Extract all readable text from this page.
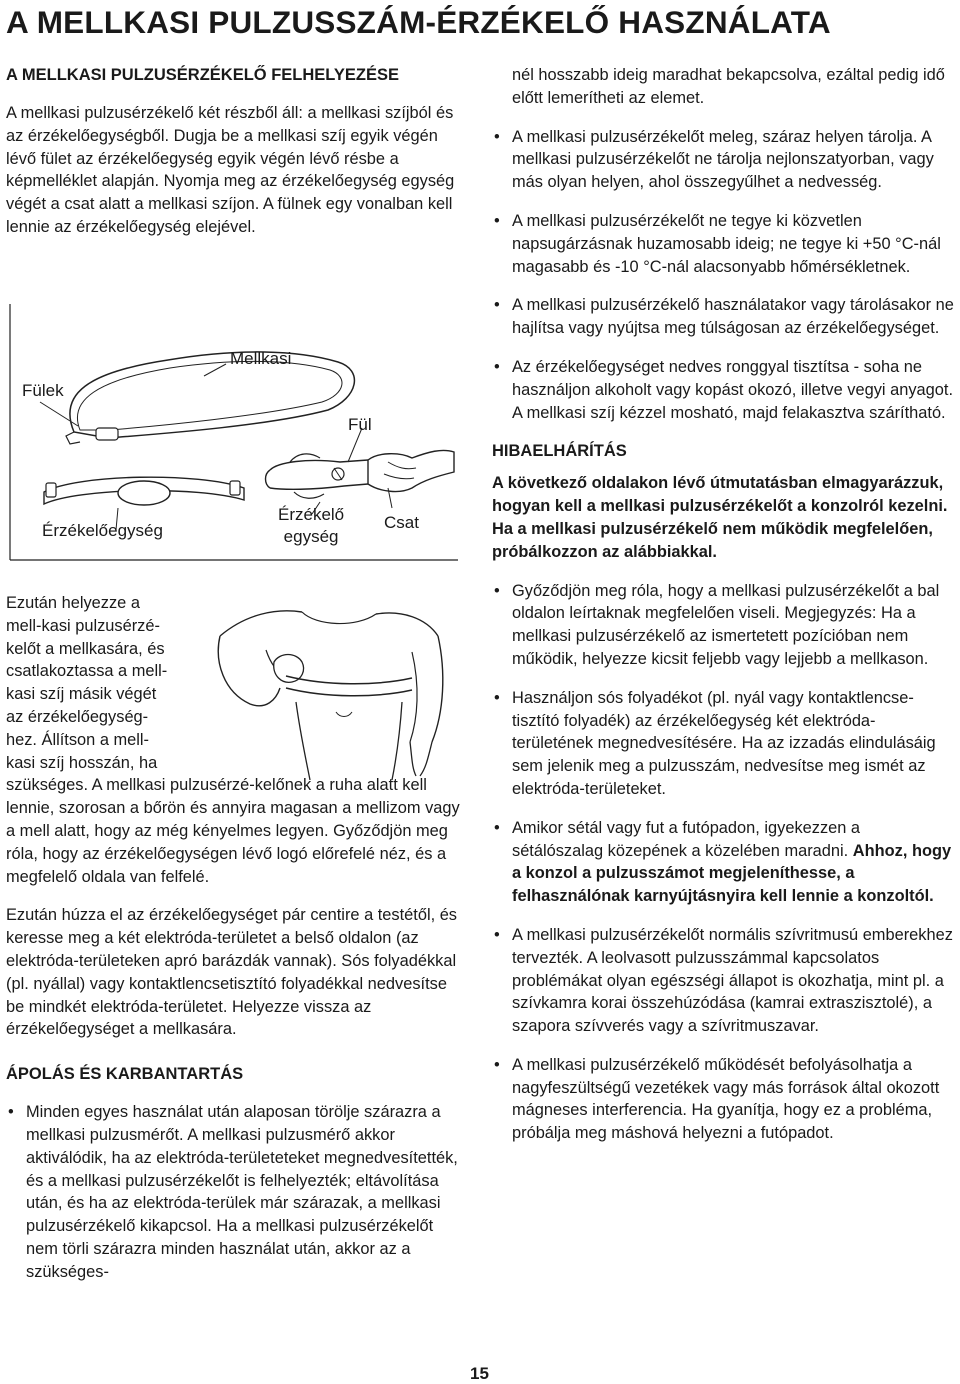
A MELLKASI PULZUSSZÁM-ÉRZÉKELŐ HASZNÁLATA
A MELLKASI PULZUSÉRZÉKELŐ FELHELYEZÉSE

A mellkasi pulzusérzékelő két részből áll: a mellkasi szíjból és az érzékelőegységből. Dugja be a mellkasi szíj egyik végén lévő fület az érzékelőegység egyik végén lévő résbe a képmelléklet alapján. Nyomja meg az érzékelőegység egység végét a csat alatt a mellkasi szíjon. A fülnek egy vonalban kell lennie az érzékelőegység elejével.

Fülek
Mellkasi
Fül
Érzékelőegység
Érzékelő
egység
Csat

Ezután helyezze a

mell-kasi pulzusérzé-

kelőt a mellkasára, és

csatlakoztassa a mell-

kasi szíj másik végét

az érzékelőegység-

hez. Állítson a mell-

kasi szíj hosszán, ha

szükséges. A mellkasi pulzusérzé-kelőnek a ruha alatt kell lennie, szorosan a bőrön és annyira magasan a mellizom vagy a mell alatt, hogy az még kényelmes legyen. Győződjön meg róla, hogy az érzékelőegységen lévő logó előrefelé néz, és a megfelelő oldala van felfelé.

Ezután húzza el az érzékelőegységet pár centire a testétől, és keresse meg a két elektróda-területet a belső oldalon (az elektróda-területeken apró barázdák vannak). Sós folyadékkal (pl. nyállal) vagy kontaktlencsetisztító folyadékkal nedvesítse be mindkét elektróda-területet. Helyezze vissza az érzékelőegységet a mellkasára.

ÁPOLÁS ÉS KARBANTARTÁS
• Minden egyes használat után alaposan törölje szárazra a mellkasi pulzusmérőt. A mellkasi pulzusmérő akkor aktiválódik, ha az elektróda-területeteket megnedvesítették, és a mellkasi pulzusérzékelőt is felhelyezték; eltávolítása után, és ha az elektróda-terülek már szárazak, a mellkasi pulzusérzékelő kikapcsol. Ha a mellkasi pulzusérzékelőt nem törli szárazra minden használat után, akkor az a szükséges-

nél hosszabb ideig maradhat bekapcsolva, ezáltal pedig idő előtt lemerítheti az elemet.

• A mellkasi pulzusérzékelőt meleg, száraz helyen tárolja. A mellkasi pulzusérzékelőt ne tárolja nejlonszatyorban, vagy más olyan helyen, ahol összegyűlhet a nedvesség.
• A mellkasi pulzusérzékelőt ne tegye ki közvetlen napsugárzásnak huzamosabb ideig; ne tegye ki +50 °C-nál magasabb és -10 °C-nál alacsonyabb hőmérsékletnek.
• A mellkasi pulzusérzékelő használatakor vagy tárolásakor ne hajlítsa vagy nyújtsa meg túlságosan az érzékelőegységet.
• Az érzékelőegységet nedves ronggyal tisztítsa - soha ne használjon alkoholt vagy kopást okozó, illetve vegyi anyagot. A mellkasi szíj kézzel mosható, majd felakasztva szárítható.
HIBAELHÁRÍTÁS

A következő oldalakon lévő útmutatásban elmagyarázzuk, hogyan kell a mellkasi pulzusérzékelőt a konzolról kezelni. Ha a mellkasi pulzusérzékelő nem működik megfelelően, próbálkozzon az alábbiakkal.

• Győződjön meg róla, hogy a mellkasi pulzusérzékelőt a bal oldalon leírtaknak megfelelően viseli. Megjegyzés: Ha a mellkasi pulzusérzékelő az ismertetett pozícióban nem működik, helyezze kicsit feljebb vagy lejjebb a mellkason.
• Használjon sós folyadékot (pl. nyál vagy kontaktlencse-tisztító folyadék) az érzékelőegység két elektróda-területének megnedvesítésére. Ha az izzadás elindulásáig sem jelenik meg a pulzusszám, nedvesítse meg ismét az elektróda-területeket.
• Amikor sétál vagy fut a futópadon, igyekezzen a sétálószalag közepének a közelében maradni. Ahhoz, hogy a konzol a pulzusszámot megjeleníthesse, a felhasználónak karnyújtásnyira kell lennie a konzoltól.
• A mellkasi pulzusérzékelőt normális szívritmusú emberekhez tervezték. A leolvasott pulzusszámmal kapcsolatos problémákat olyan egészségi állapot is okozhatja, mint pl. a szívkamra korai összehúzódása (kamrai extraszisztolé), a szapora szívverés vagy a szívritmuszavar.
• A mellkasi pulzusérzékelő működését befolyásolhatja a nagyfeszültségű vezetékek vagy más források által okozott mágneses interferencia. Ha gyanítja, hogy ez a probléma, próbálja meg máshová helyezni a futópadot.
15
